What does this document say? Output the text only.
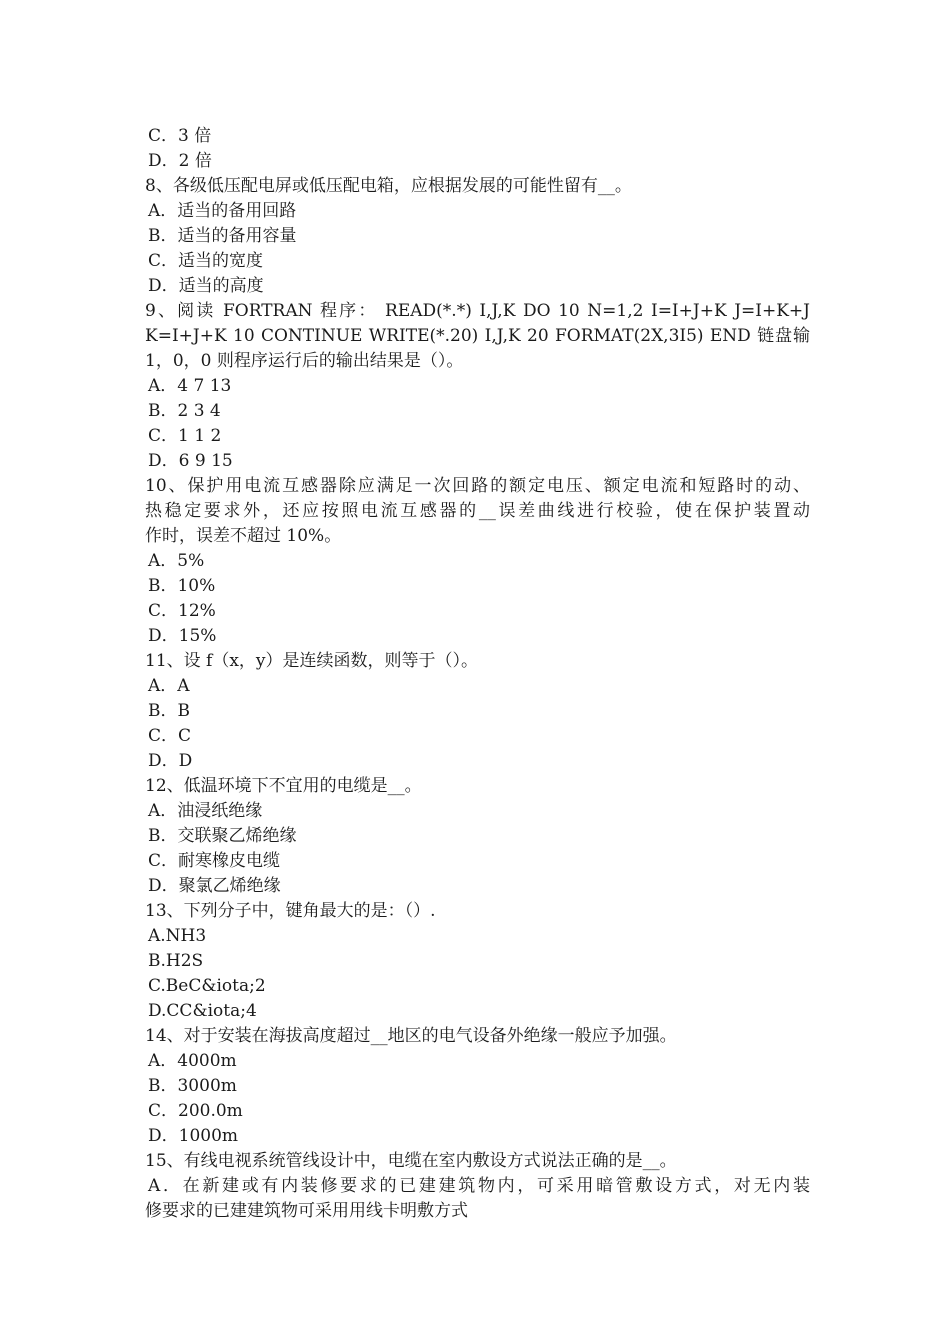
C．3 倍
D．2 倍
8、各级低压配电屏或低压配电箱，应根据发展的可能性留有__。
A．适当的备用回路
B．适当的备用容量
C．适当的宽度
D．适当的高度
9、阅读 FORTRAN 程序： READ(*.*) I,J,K DO 10 N=1,2 I=I+J+K J=I+K+J
K=I+J+K 10 CONTINUE WRITE(*.20) I,J,K 20 FORMAT(2X,3I5) END 链盘输
1，0，0 则程序运行后的输出结果是（）。
A．4 7 13
B．2 3 4
C．1 1 2
D．6 9 15
10、保护用电流互感器除应满足一次回路的额定电压、额定电流和短路时的动、
热稳定要求外，还应按照电流互感器的__误差曲线进行校验，使在保护装置动
作时，误差不超过 10%。
A．5%
B．10%
C．12%
D．15%
11、设 f（x，y）是连续函数，则等于（）。
A．A
B．B
C．C
D．D
12、低温环境下不宜用的电缆是__。
A．油浸纸绝缘
B．交联聚乙烯绝缘
C．耐寒橡皮电缆
D．聚氯乙烯绝缘
13、下列分子中，键角最大的是：（）.
A.NH3
B.H2S
C.BeC&iota;2
D.CC&iota;4
14、对于安装在海拔高度超过__地区的电气设备外绝缘一般应予加强。
A．4000m
B．3000m
C．200.0m
D．1000m
15、有线电视系统管线设计中，电缆在室内敷设方式说法正确的是__。
A．在新建或有内装修要求的已建建筑物内，可采用暗管敷设方式，对无内装
修要求的已建建筑物可采用用线卡明敷方式
